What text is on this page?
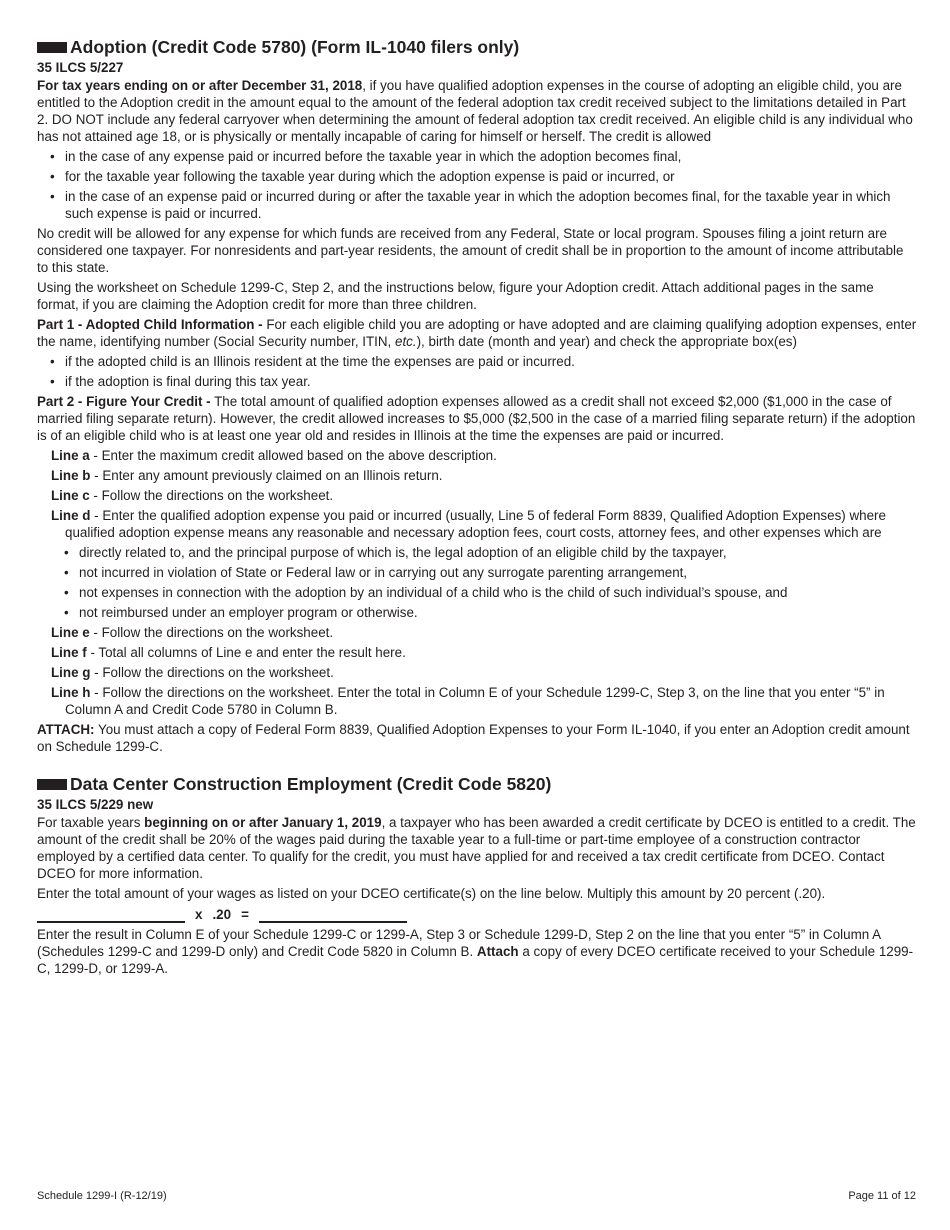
Adoption (Credit Code 5780) (Form IL-1040 filers only)
35 ILCS 5/227

For tax years ending on or after December 31, 2018, if you have qualified adoption expenses in the course of adopting an eligible child, you are entitled to the Adoption credit in the amount equal to the amount of the federal adoption tax credit received subject to the limitations detailed in Part 2. DO NOT include any federal carryover when determining the amount of federal adoption tax credit received. An eligible child is any individual who has not attained age 18, or is physically or mentally incapable of caring for himself or herself. The credit is allowed

• in the case of any expense paid or incurred before the taxable year in which the adoption becomes final,
• for the taxable year following the taxable year during which the adoption expense is paid or incurred, or
• in the case of an expense paid or incurred during or after the taxable year in which the adoption becomes final, for the taxable year in which such expense is paid or incurred.

No credit will be allowed for any expense for which funds are received from any Federal, State or local program. Spouses filing a joint return are considered one taxpayer. For nonresidents and part-year residents, the amount of credit shall be in proportion to the amount of income attributable to this state.

Using the worksheet on Schedule 1299-C, Step 2, and the instructions below, figure your Adoption credit. Attach additional pages in the same format, if you are claiming the Adoption credit for more than three children.

Part 1 - Adopted Child Information - For each eligible child you are adopting or have adopted and are claiming qualifying adoption expenses, enter the name, identifying number (Social Security number, ITIN, etc.), birth date (month and year) and check the appropriate box(es)

• if the adopted child is an Illinois resident at the time the expenses are paid or incurred.
• if the adoption is final during this tax year.

Part 2 - Figure Your Credit - The total amount of qualified adoption expenses allowed as a credit shall not exceed $2,000 ($1,000 in the case of married filing separate return). However, the credit allowed increases to $5,000 ($2,500 in the case of a married filing separate return) if the adoption is of an eligible child who is at least one year old and resides in Illinois at the time the expenses are paid or incurred.

Line a - Enter the maximum credit allowed based on the above description.
Line b - Enter any amount previously claimed on an Illinois return.
Line c - Follow the directions on the worksheet.
Line d - Enter the qualified adoption expense you paid or incurred (usually, Line 5 of federal Form 8839, Qualified Adoption Expenses) where qualified adoption expense means any reasonable and necessary adoption fees, court costs, attorney fees, and other expenses which are
• directly related to, and the principal purpose of which is, the legal adoption of an eligible child by the taxpayer,
• not incurred in violation of State or Federal law or in carrying out any surrogate parenting arrangement,
• not expenses in connection with the adoption by an individual of a child who is the child of such individual’s spouse, and
• not reimbursed under an employer program or otherwise.
Line e - Follow the directions on the worksheet.
Line f - Total all columns of Line e and enter the result here.
Line g - Follow the directions on the worksheet.
Line h - Follow the directions on the worksheet. Enter the total in Column E of your Schedule 1299-C, Step 3, on the line that you enter “5” in Column A and Credit Code 5780 in Column B.

ATTACH: You must attach a copy of Federal Form 8839, Qualified Adoption Expenses to your Form IL-1040, if you enter an Adoption credit amount on Schedule 1299-C.

Data Center Construction Employment (Credit Code 5820)
35 ILCS 5/229 new

For taxable years beginning on or after January 1, 2019, a taxpayer who has been awarded a credit certificate by DCEO is entitled to a credit. The amount of the credit shall be 20% of the wages paid during the taxable year to a full-time or part-time employee of a construction contractor employed by a certified data center. To qualify for the credit, you must have applied for and received a tax credit certificate from DCEO. Contact DCEO for more information.

Enter the total amount of your wages as listed on your DCEO certificate(s) on the line below. Multiply this amount by 20 percent (.20).

x .20 =

Enter the result in Column E of your Schedule 1299-C or 1299-A, Step 3 or Schedule 1299-D, Step 2 on the line that you enter “5” in Column A (Schedules 1299-C and 1299-D only) and Credit Code 5820 in Column B. Attach a copy of every DCEO certificate received to your Schedule 1299-C, 1299-D, or 1299-A.

Schedule 1299-I (R-12/19)	Page 11 of 12
